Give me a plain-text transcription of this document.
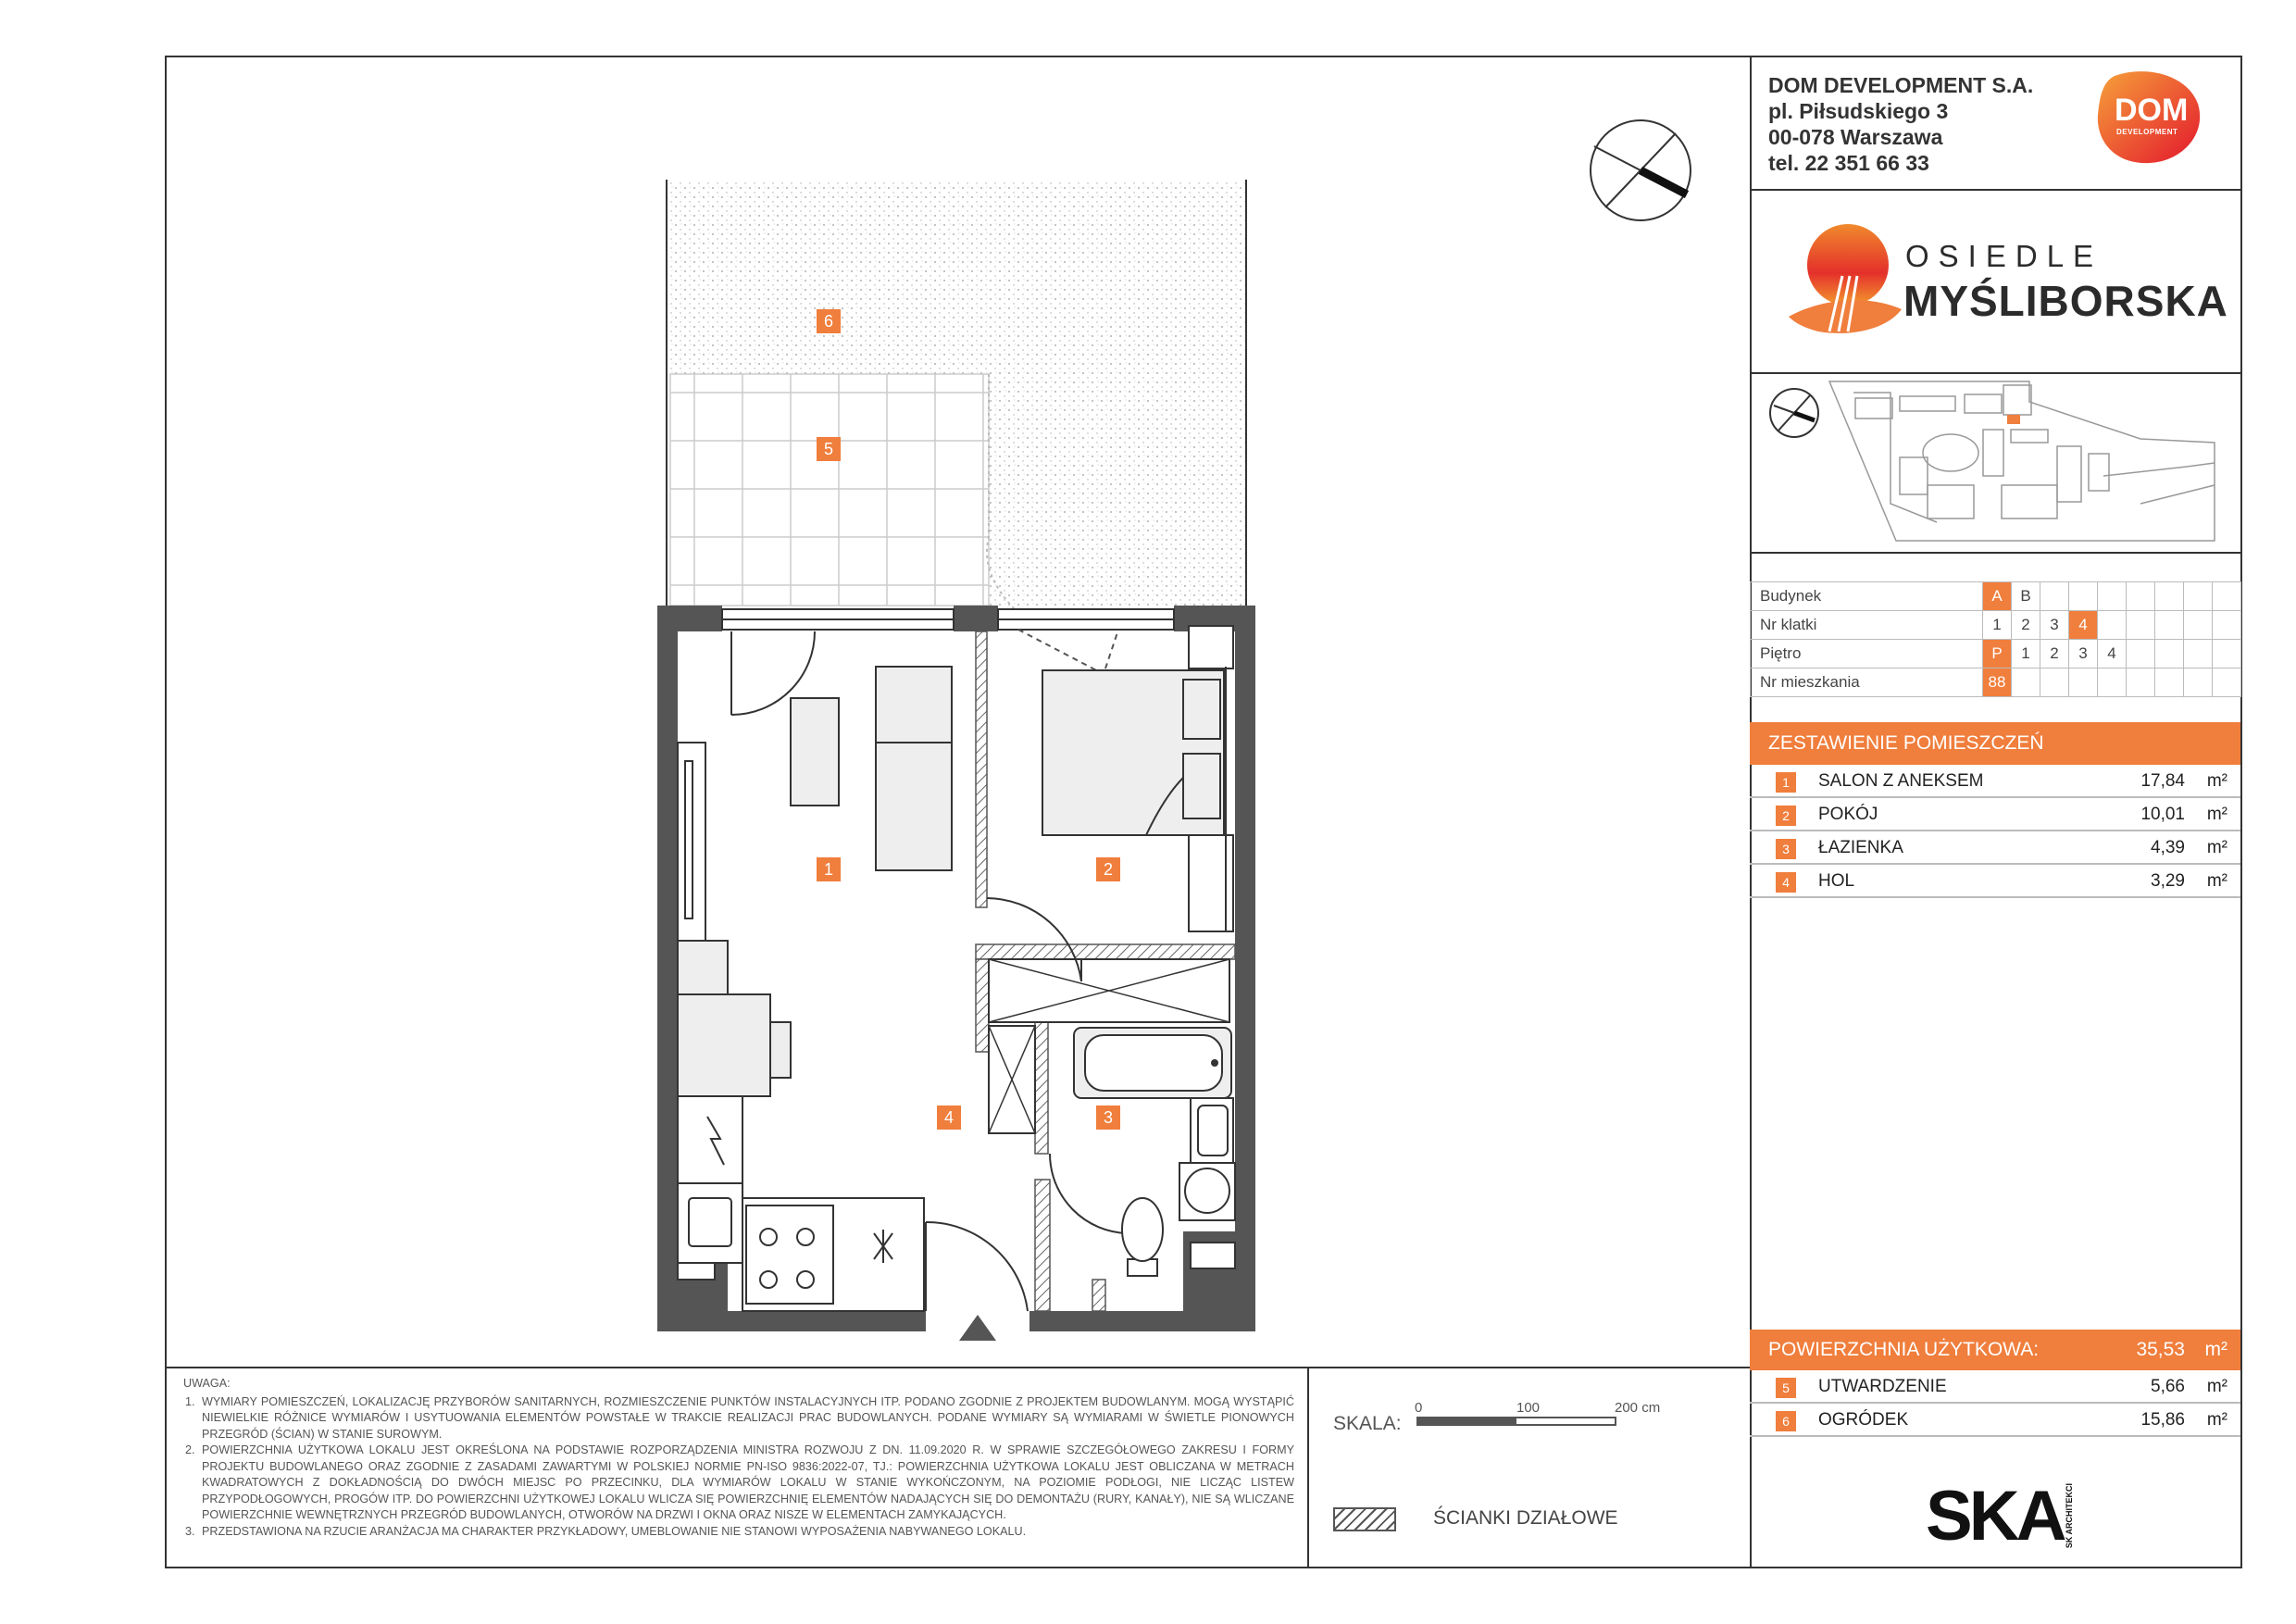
DOM DEVELOPMENT S.A.
pl. Piłsudskiego 3
00-078 Warszawa
tel. 22 351 66 33
DOM
DEVELOPMENT
OSIEDLE
MYŚLIBORSKA
Budynek	A	B							
Nr klatki	1	2	3	4					
Piętro	P	1	2	3	4				
Nr mieszkania	88								
ZESTAWIENIE POMIESZCZEŃ
1	SALON Z ANEKSEM	17,84 m²
2	POKÓJ	10,01 m²
3	ŁAZIENKA	4,39 m²
4	HOL	3,29 m²
POWIERZCHNIA UŻYTKOWA:	35,53 m²
5	UTWARDZENIE	5,66 m²
6	OGRÓDEK	15,86 m²
SKA SK ARCHITEKCI
UWAGA:
1. WYMIARY POMIESZCZEŃ, LOKALIZACJĘ PRZYBORÓW SANITARNYCH, ROZMIESZCZENIE PUNKTÓW INSTALACYJNYCH ITP. PODANO ZGODNIE Z PROJEKTEM BUDOWLANYM. MOGĄ WYSTĄPIĆ NIEWIELKIE RÓŻNICE WYMIARÓW I USYTUOWANIA ELEMENTÓW POWSTAŁE W TRAKCIE REALIZACJI PRAC BUDOWLANYCH. PODANE WYMIARY SĄ WYMIARAMI W ŚWIETLE PIONOWYCH PRZEGRÓD (ŚCIAN) W STANIE SUROWYM.
2. POWIERZCHNIA UŻYTKOWA LOKALU JEST OKREŚLONA NA PODSTAWIE ROZPORZĄDZENIA MINISTRA ROZWOJU Z DN. 11.09.2020 R. W SPRAWIE SZCZEGÓŁOWEGO ZAKRESU I FORMY PROJEKTU BUDOWLANEGO ORAZ ZGODNIE Z ZASADAMI ZAWARTYMI W POLSKIEJ NORMIE PN-ISO 9836:2022-07, TJ.: POWIERZCHNIA UŻYTKOWA LOKALU JEST OBLICZANA W METRACH KWADRATOWYCH Z DOKŁADNOŚCIĄ DO DWÓCH MIEJSC PO PRZECINKU, DLA WYMIARÓW LOKALU W STANIE WYKOŃCZONYM, NA POZIOMIE PODŁOGI, NIE LICZĄC LISTEW PRZYPODŁOGOWYCH, PROGÓW ITP. DO POWIERZCHNI UŻYTKOWEJ LOKALU WLICZA SIĘ POWIERZCHNIĘ ELEMENTÓW NADAJĄCYCH SIĘ DO DEMONTAŻU (RURY, KANAŁY), NIE SĄ WLICZANE POWIERZCHNIE WEWNĘTRZNYCH PRZEGRÓD BUDOWLANYCH, OTWORÓW NA DRZWI I OKNA ORAZ NISZE W ELEMENTACH ZAMYKAJĄCYCH.
3. PRZEDSTAWIONA NA RZUCIE ARANŻACJA MA CHARAKTER PRZYKŁADOWY, UMEBLOWANIE NIE STANOWI WYPOSAŻENIA NABYWANEGO LOKALU.
SKALA:
0	100	200 cm
ŚCIANKI DZIAŁOWE
6
5
1	2
3
4
